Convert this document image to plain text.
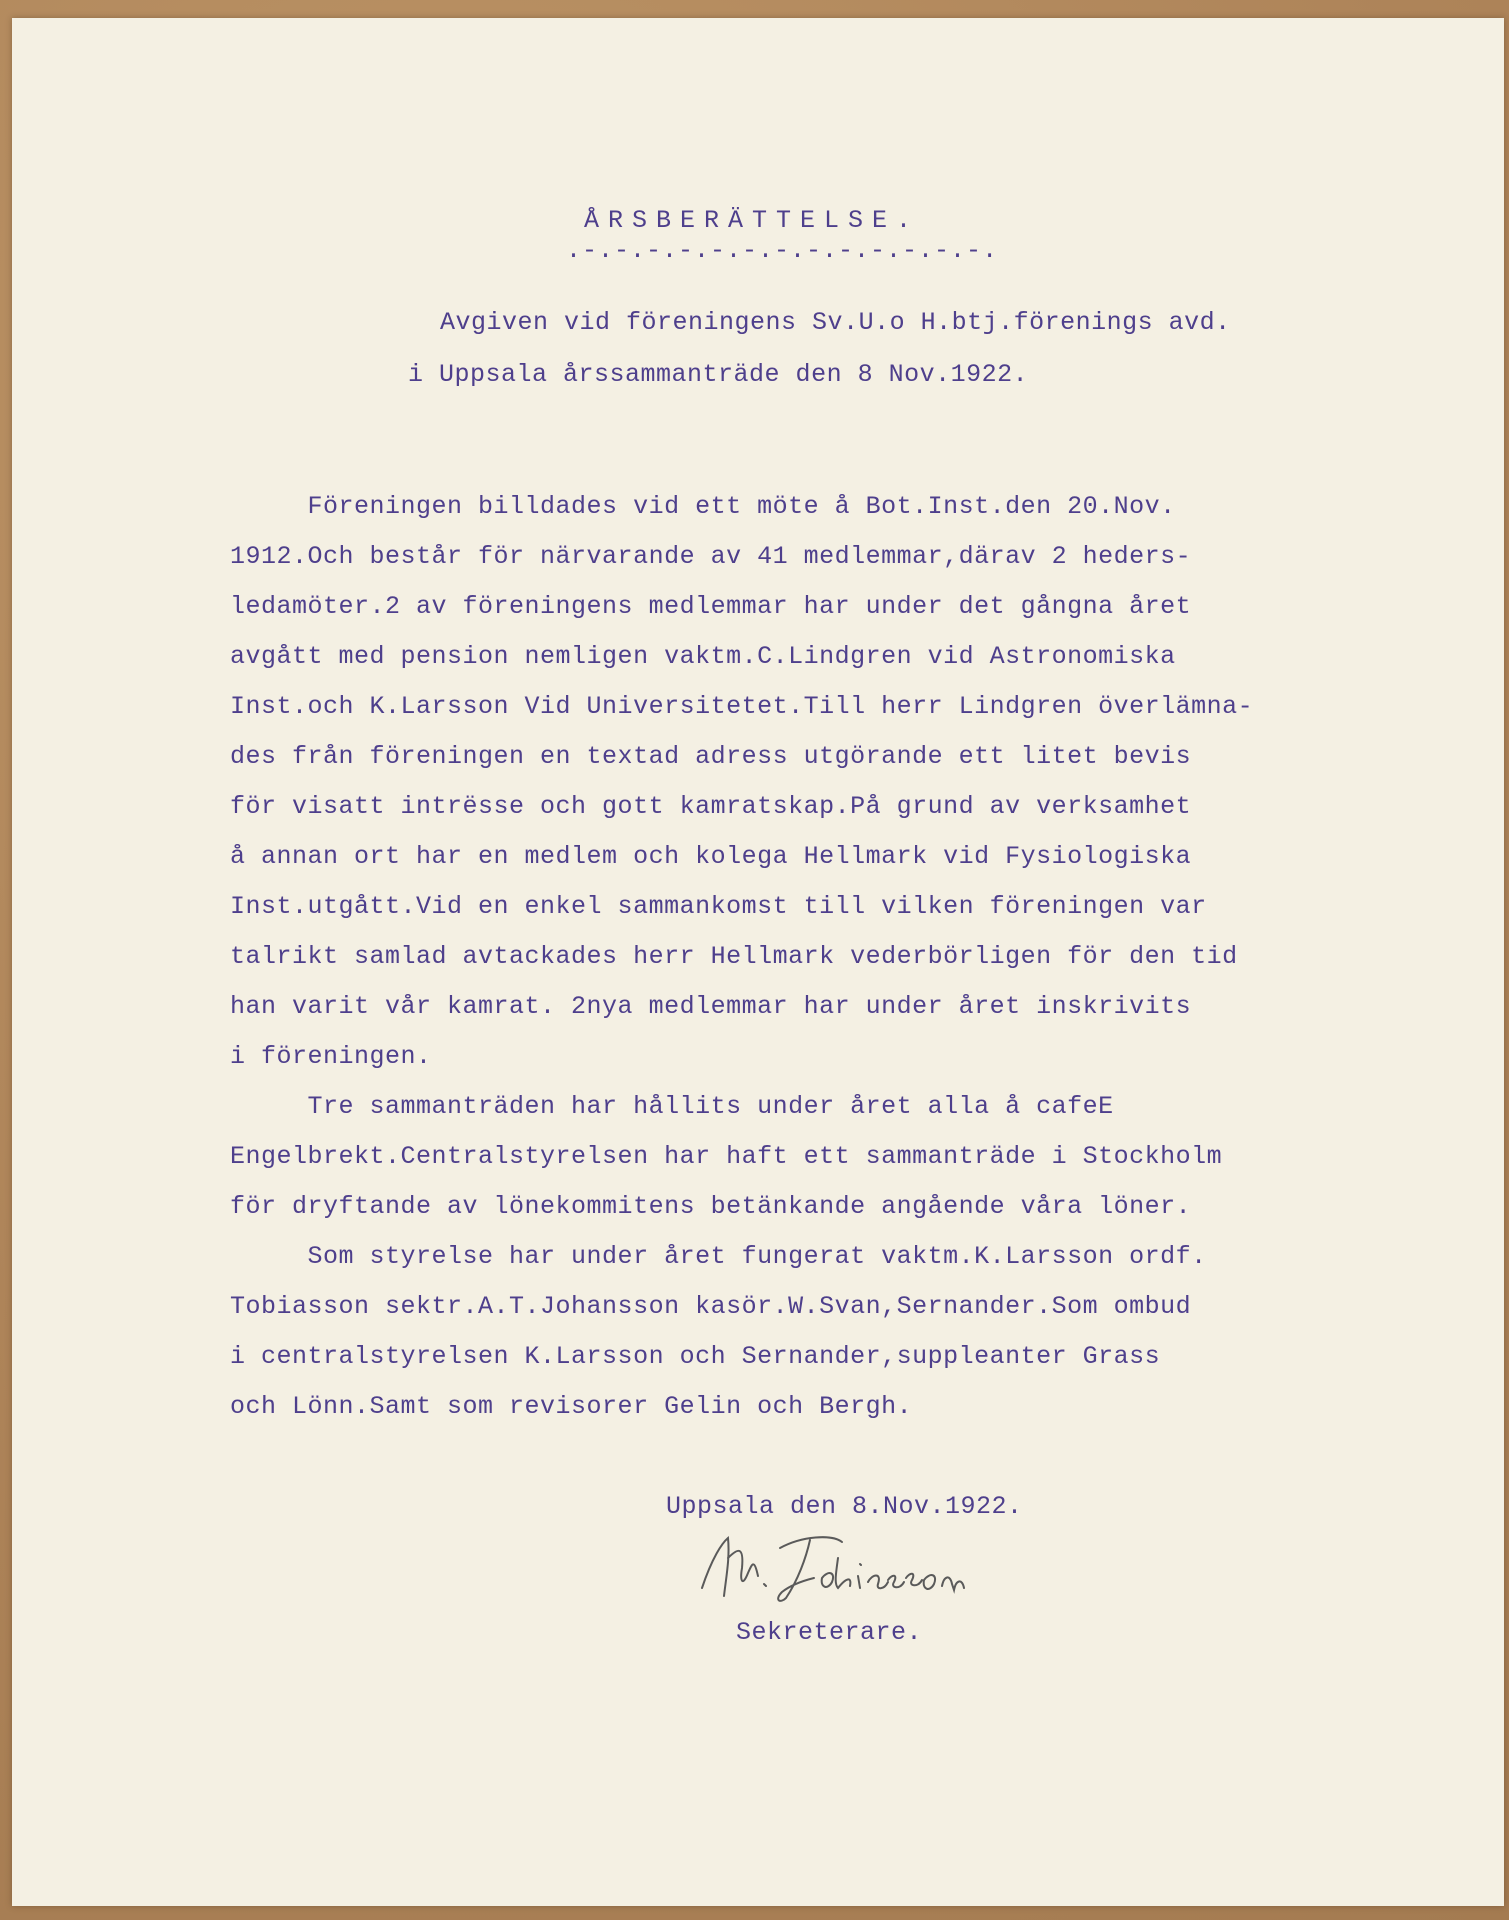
ÅRSBERÄTTELSE.
.-.-.-.-.-.-.-.-.-.-.-.-.-.
Avgiven vid föreningens Sv.U.o H.btj.förenings avd.
i Uppsala årssammanträde den 8 Nov.1922.
Föreningen billdades vid ett möte å Bot.Inst.den 20.Nov.
1912.Och består för närvarande av 41 medlemmar,därav 2 heders-
ledamöter.2 av föreningens medlemmar har under det gångna året
avgått med pension nemligen vaktm.C.Lindgren vid Astronomiska
Inst.och K.Larsson Vid Universitetet.Till herr Lindgren överlämna-
des från föreningen en textad adress utgörande ett litet bevis
för visatt intrësse och gott kamratskap.På grund av verksamhet
å annan ort har en medlem och kolega Hellmark vid Fysiologiska
Inst.utgått.Vid en enkel sammankomst till vilken föreningen var
talrikt samlad avtackades herr Hellmark vederbörligen för den tid
han varit vår kamrat. 2nya medlemmar har under året inskrivits
i föreningen.
Tre sammanträden har hållits under året alla å cafeE
Engelbrekt.Centralstyrelsen har haft ett sammanträde i Stockholm
för dryftande av lönekommitens betänkande angående våra löner.
Som styrelse har under året fungerat vaktm.K.Larsson ordf.
Tobiasson sektr.A.T.Johansson kasör.W.Svan,Sernander.Som ombud
i centralstyrelsen K.Larsson och Sernander,suppleanter Grass
och Lönn.Samt som revisorer Gelin och Bergh.
Uppsala den 8.Nov.1922.
Sekreterare.
